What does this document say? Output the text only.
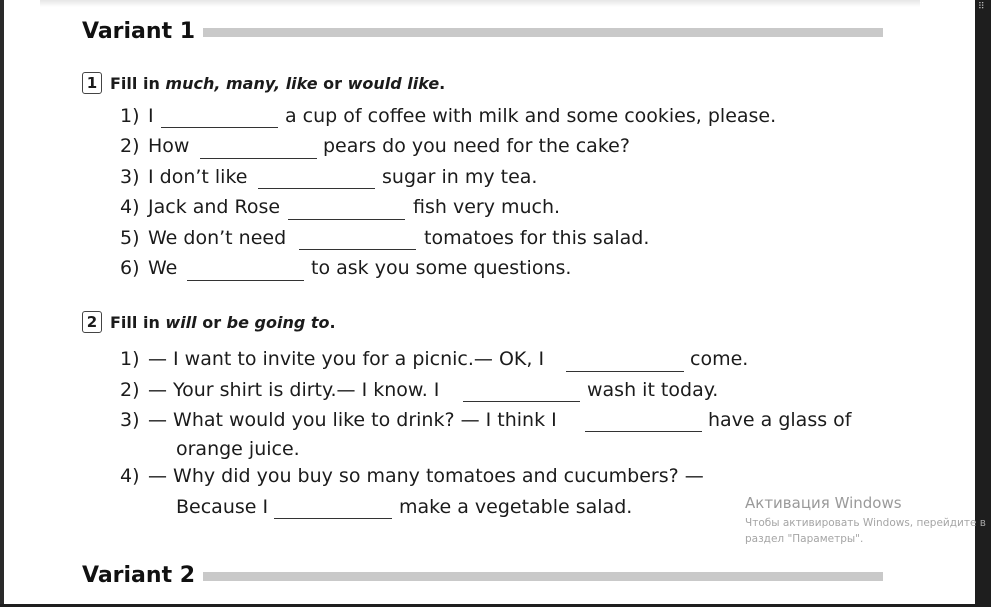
⠿
Variant 1
1 Fill in much, many, like or would like.
1) I	a cup of coffee with milk and some cookies, please.
2) How	pears do you need for the cake?
3) I don’t like	sugar in my tea.
4) Jack and Rose	fish very much.
5) We don’t need	tomatoes for this salad.
6) We	to ask you some questions.
2 Fill in will or be going to.
1) — I want to invite you for a picnic.— OK, I	come.
2) — Your shirt is dirty.— I know. I	wash it today.
3) — What would you like to drink? — I think I	have a glass of
orange juice.
4) — Why did you buy so many tomatoes and cucumbers? —
Because I	make a vegetable salad.	Активация Windows
Чтобы активировать Windows, перейдите в
раздел "Параметры".
Variant 2
